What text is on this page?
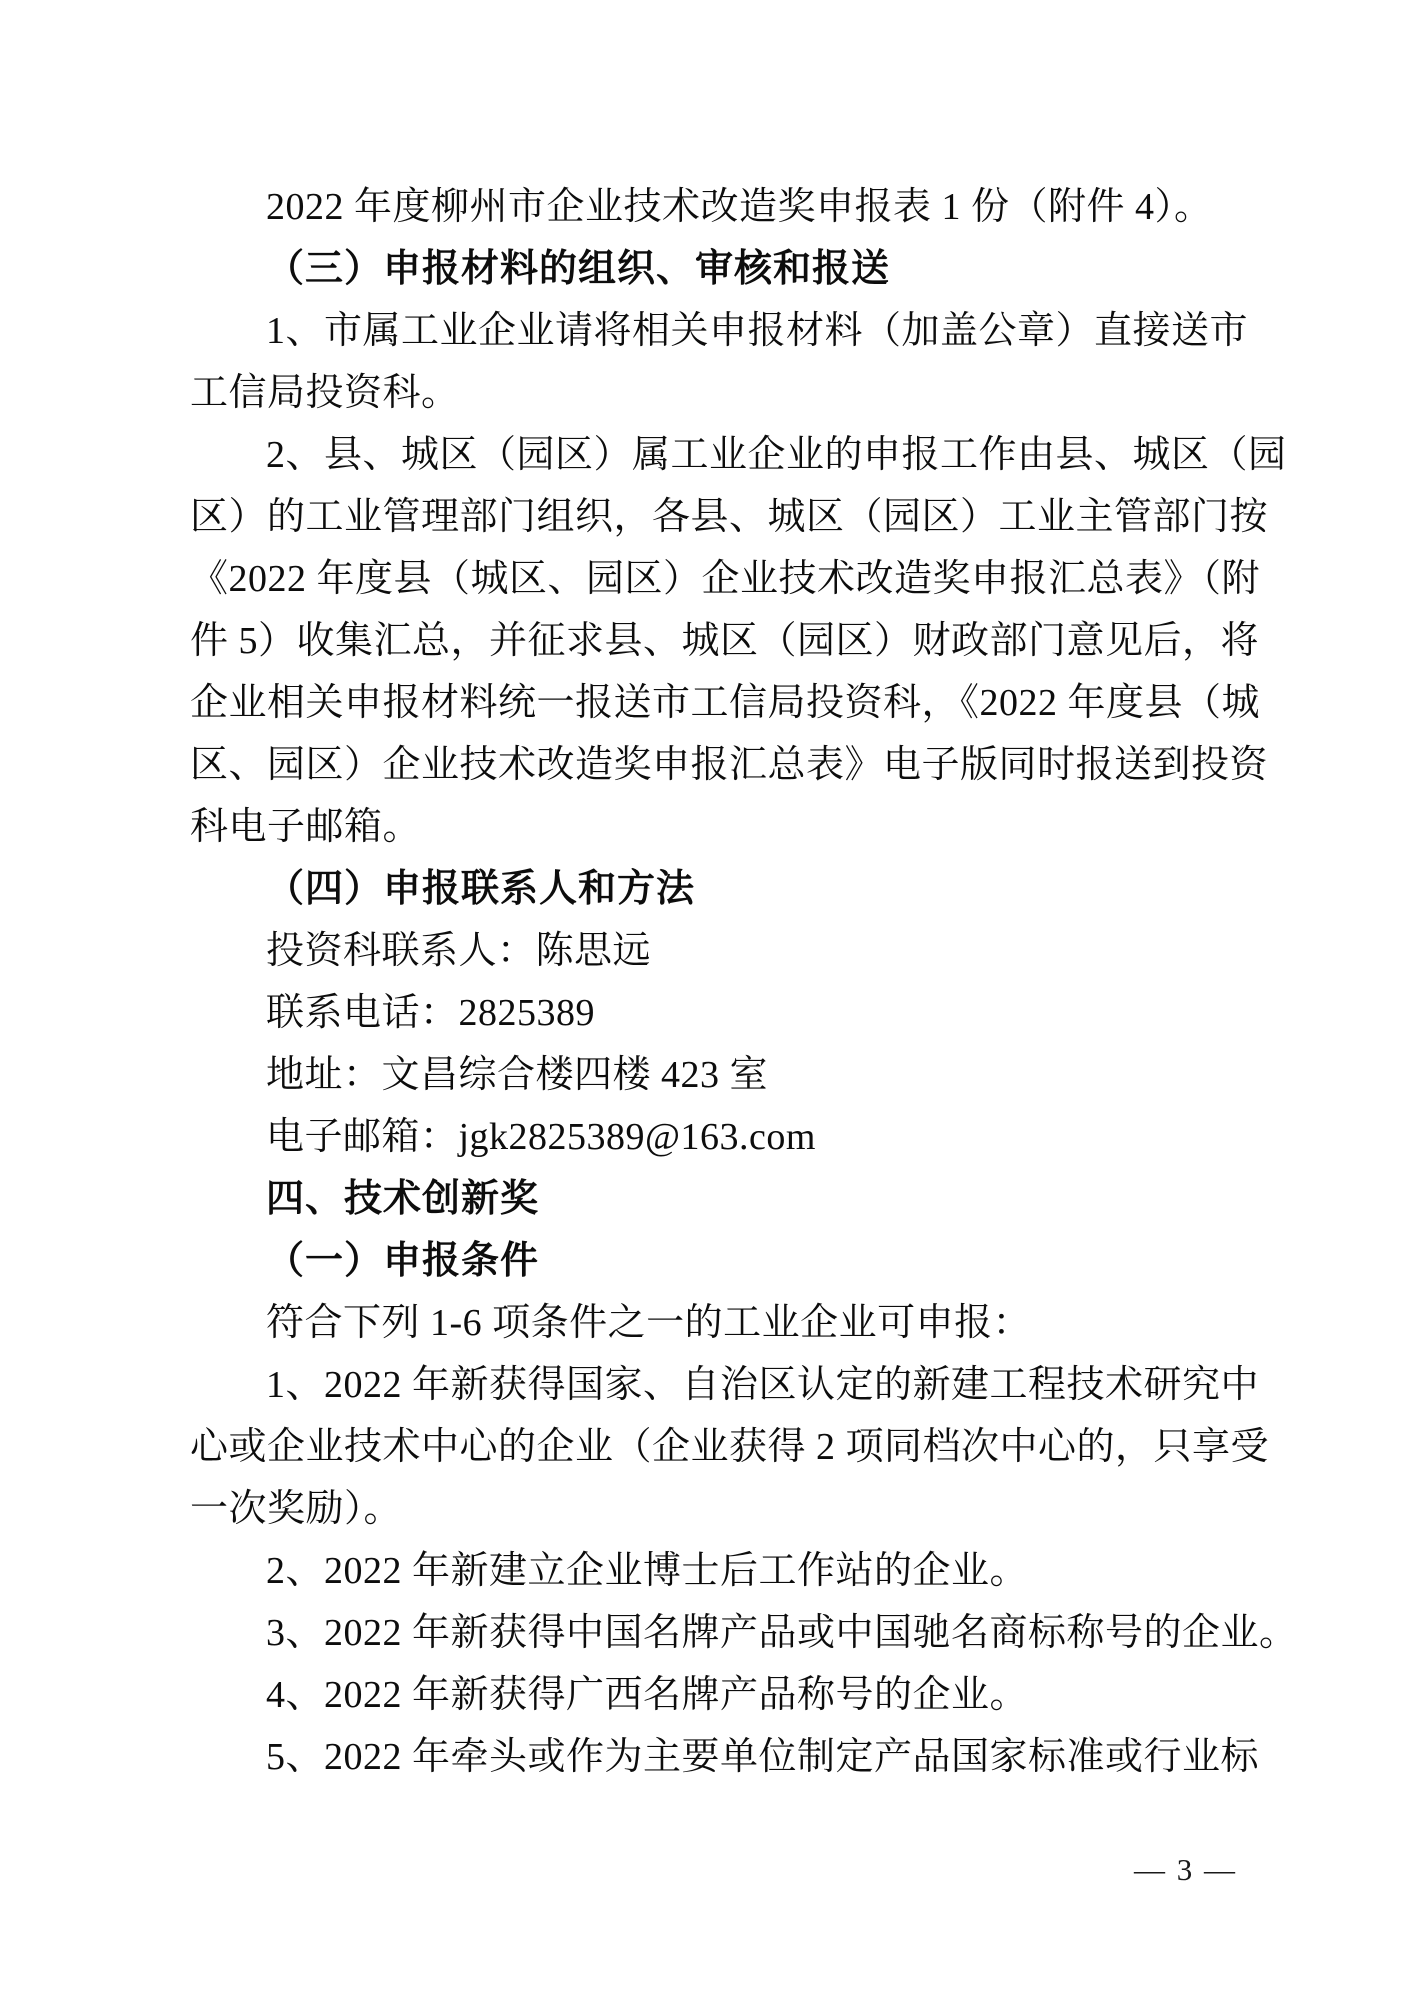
2022 年度柳州市企业技术改造奖申报表 1 份（附件 4）。
（三）申报材料的组织、审核和报送
1、市属工业企业请将相关申报材料（加盖公章）直接送市
工信局投资科。
2、县、城区（园区）属工业企业的申报工作由县、城区（园
区）的工业管理部门组织，各县、城区（园区）工业主管部门按
《2022 年度县（城区、园区）企业技术改造奖申报汇总表》（附
件 5）收集汇总，并征求县、城区（园区）财政部门意见后，将
企业相关申报材料统一报送市工信局投资科，《2022 年度县（城
区、园区）企业技术改造奖申报汇总表》电子版同时报送到投资
科电子邮箱。
（四）申报联系人和方法
投资科联系人：陈思远
联系电话：2825389
地址：文昌综合楼四楼 423 室
电子邮箱：jgk2825389@163.com
四、技术创新奖
（一）申报条件
符合下列 1-6 项条件之一的工业企业可申报：
1、2022 年新获得国家、自治区认定的新建工程技术研究中
心或企业技术中心的企业（企业获得 2 项同档次中心的，只享受
一次奖励）。
2、2022 年新建立企业博士后工作站的企业。
3、2022 年新获得中国名牌产品或中国驰名商标称号的企业。
4、2022 年新获得广西名牌产品称号的企业。
5、2022 年牵头或作为主要单位制定产品国家标准或行业标
— 3 —
